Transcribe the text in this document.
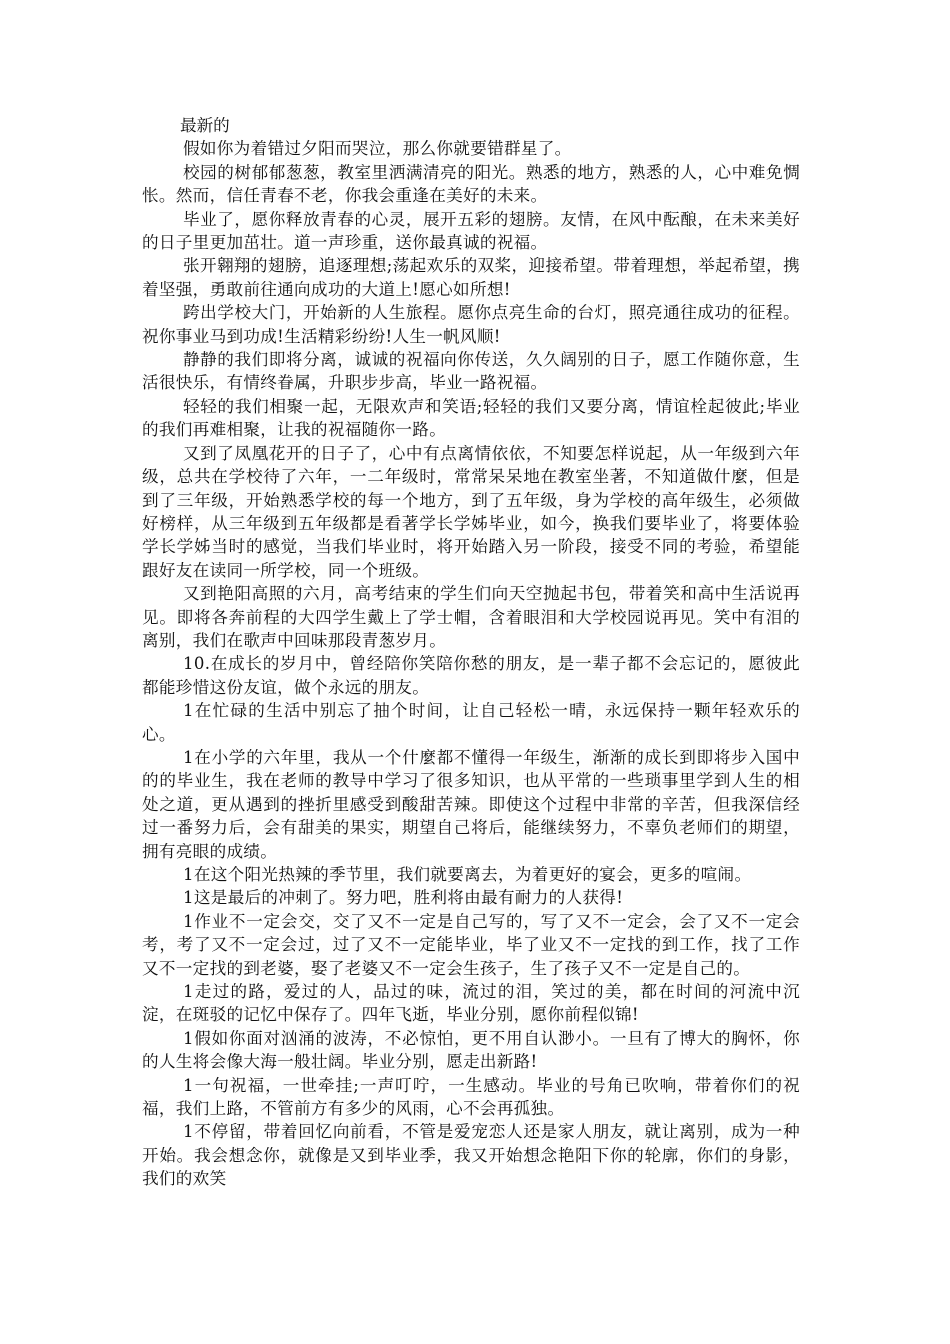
最新的

假如你为着错过夕阳而哭泣，那么你就要错群星了。

校园的树郁郁葱葱，教室里洒满清亮的阳光。熟悉的地方，熟悉的人，心中难免惆怅。然而，信任青春不老，你我会重逢在美好的未来。

毕业了，愿你释放青春的心灵，展开五彩的翅膀。友情，在风中酝酿，在未来美好的日子里更加茁壮。道一声珍重，送你最真诚的祝福。

张开翱翔的翅膀，追逐理想;荡起欢乐的双桨，迎接希望。带着理想，举起希望，携着坚强，勇敢前往通向成功的大道上!愿心如所想!

跨出学校大门，开始新的人生旅程。愿你点亮生命的台灯，照亮通往成功的征程。祝你事业马到功成!生活精彩纷纷!人生一帆风顺!

静静的我们即将分离，诚诚的祝福向你传送，久久阔别的日子，愿工作随你意，生活很快乐，有情终眷属，升职步步高，毕业一路祝福。

轻轻的我们相聚一起，无限欢声和笑语;轻轻的我们又要分离，情谊栓起彼此;毕业的我们再难相聚，让我的祝福随你一路。

又到了凤凰花开的日子了，心中有点离情依依，不知要怎样说起，从一年级到六年级，总共在学校待了六年，一二年级时，常常呆呆地在教室坐著，不知道做什麼，但是到了三年级，开始熟悉学校的每一个地方，到了五年级，身为学校的高年级生，必须做好榜样，从三年级到五年级都是看著学长学姊毕业，如今，换我们要毕业了，将要体验学长学姊当时的感觉，当我们毕业时，将开始踏入另一阶段，接受不同的考验，希望能跟好友在读同一所学校，同一个班级。

又到艳阳高照的六月，高考结束的学生们向天空抛起书包，带着笑和高中生活说再见。即将各奔前程的大四学生戴上了学士帽，含着眼泪和大学校园说再见。笑中有泪的离别，我们在歌声中回味那段青葱岁月。

10.在成长的岁月中，曾经陪你笑陪你愁的朋友，是一辈子都不会忘记的，愿彼此都能珍惜这份友谊，做个永远的朋友。

1在忙碌的生活中别忘了抽个时间，让自己轻松一晴，永远保持一颗年轻欢乐的心。

1在小学的六年里，我从一个什麼都不懂得一年级生，渐渐的成长到即将步入国中的的毕业生，我在老师的教导中学习了很多知识，也从平常的一些琐事里学到人生的相处之道，更从遇到的挫折里感受到酸甜苦辣。即使这个过程中非常的辛苦，但我深信经过一番努力后，会有甜美的果实，期望自己将后，能继续努力，不辜负老师们的期望，拥有亮眼的成绩。

1在这个阳光热辣的季节里，我们就要离去，为着更好的宴会，更多的喧闹。

1这是最后的冲刺了。努力吧，胜利将由最有耐力的人获得!

1作业不一定会交，交了又不一定是自己写的，写了又不一定会，会了又不一定会考，考了又不一定会过，过了又不一定能毕业，毕了业又不一定找的到工作，找了工作又不一定找的到老婆，娶了老婆又不一定会生孩子，生了孩子又不一定是自己的。

1走过的路，爱过的人，品过的味，流过的泪，笑过的美，都在时间的河流中沉淀，在斑驳的记忆中保存了。四年飞逝，毕业分别，愿你前程似锦!

1假如你面对汹涌的波涛，不必惊怕，更不用自认渺小。一旦有了博大的胸怀，你的人生将会像大海一般壮阔。毕业分别，愿走出新路!

1一句祝福，一世牵挂;一声叮咛，一生感动。毕业的号角已吹响，带着你们的祝福，我们上路，不管前方有多少的风雨，心不会再孤独。

1不停留，带着回忆向前看，不管是爱宠恋人还是家人朋友，就让离别，成为一种开始。我会想念你，就像是又到毕业季，我又开始想念艳阳下你的轮廓，你们的身影，我们的欢笑
